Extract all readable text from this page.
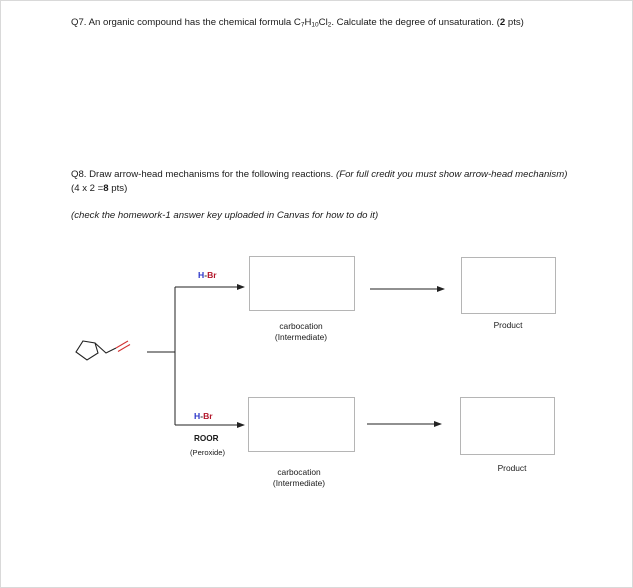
Q7. An organic compound has the chemical formula $C_7H_{10}Cl_2$. Calculate the degree of unsaturation. (2 pts)
Q8. Draw arrow-head mechanisms for the following reactions. (For full credit you must show arrow-head mechanism)(4 x 2 =8 pts)
(check the homework-1 answer key uploaded in Canvas for how to do it)
H-Br
H-Br
ROOR
(Peroxide)
carbocation
(Intermediate)
Product
carbocation
(Intermediate)
Product
